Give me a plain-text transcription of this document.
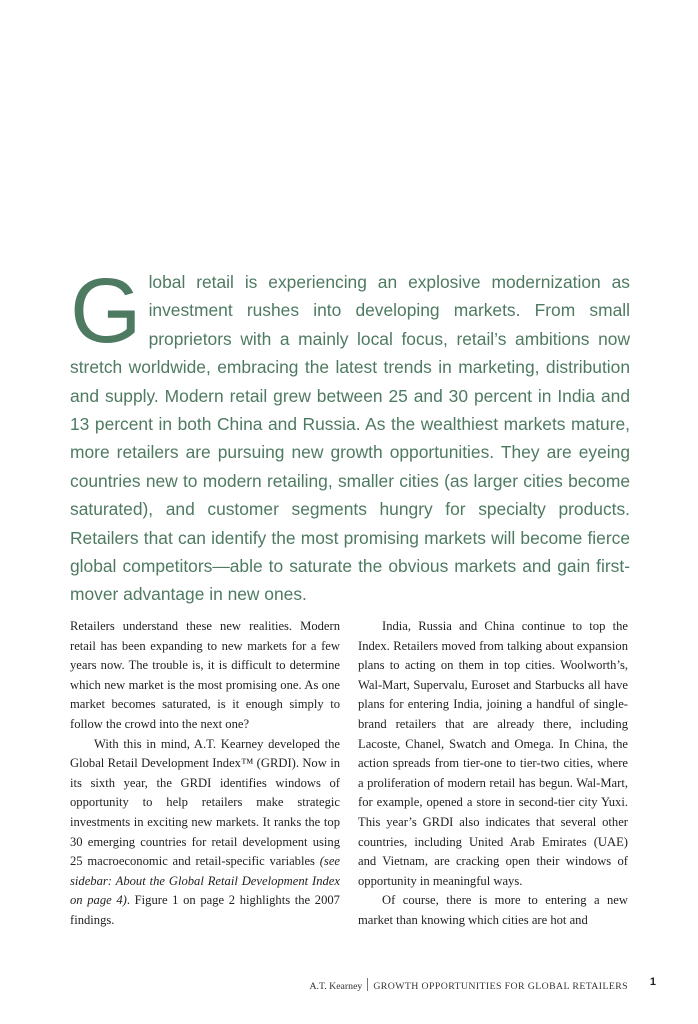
Global retail is experiencing an explosive modernization as investment rushes into developing markets. From small proprietors with a mainly local focus, retail’s ambitions now stretch worldwide, embracing the latest trends in marketing, distribution and supply. Modern retail grew between 25 and 30 percent in India and 13 percent in both China and Russia. As the wealthiest markets mature, more retailers are pursuing new growth opportunities. They are eyeing countries new to modern retailing, smaller cities (as larger cities become saturated), and customer segments hungry for specialty products. Retailers that can identify the most promising markets will become fierce global competitors—able to saturate the obvious markets and gain first-mover advantage in new ones.

Retailers understand these new realities. Modern retail has been expanding to new markets for a few years now. The trouble is, it is difficult to determine which new market is the most promising one. As one market becomes saturated, is it enough simply to follow the crowd into the next one?

With this in mind, A.T. Kearney developed the Global Retail Development Index™ (GRDI). Now in its sixth year, the GRDI identifies windows of opportunity to help retailers make strategic investments in exciting new markets. It ranks the top 30 emerging countries for retail development using 25 macroeconomic and retail-specific variables (see sidebar: About the Global Retail Development Index on page 4). Figure 1 on page 2 highlights the 2007 findings.

India, Russia and China continue to top the Index. Retailers moved from talking about expansion plans to acting on them in top cities. Woolworth’s, Wal-Mart, Supervalu, Euroset and Starbucks all have plans for entering India, joining a handful of single-brand retailers that are already there, including Lacoste, Chanel, Swatch and Omega. In China, the action spreads from tier-one to tier-two cities, where a proliferation of modern retail has begun. Wal-Mart, for example, opened a store in second-tier city Yuxi. This year’s GRDI also indicates that several other countries, including United Arab Emirates (UAE) and Vietnam, are cracking open their windows of opportunity in meaningful ways.

Of course, there is more to entering a new market than knowing which cities are hot and

A.T. Kearney GROWTH OPPORTUNITIES FOR GLOBAL RETAILERS 1
